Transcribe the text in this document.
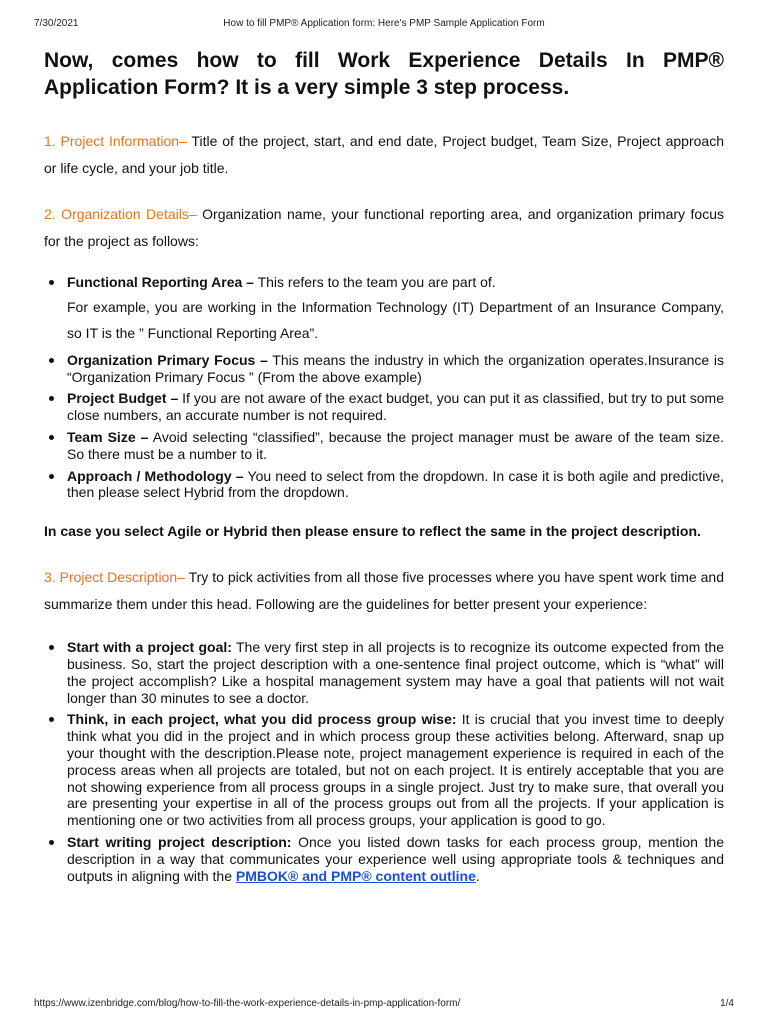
7/30/2021	How to fill PMP® Application form: Here's PMP Sample Application Form
Now, comes how to fill Work Experience Details In PMP® Application Form? It is a very simple 3 step process.

1. Project Information– Title of the project, start, and end date, Project budget, Team Size, Project approach or life cycle, and your job title.

2. Organization Details– Organization name, your functional reporting area, and organization primary focus for the project as follows:

Functional Reporting Area – This refers to the team you are part of.
For example, you are working in the Information Technology (IT) Department of an Insurance Company, so IT is the ” Functional Reporting Area”.
Organization Primary Focus – This means the industry in which the organization operates.Insurance is “Organization Primary Focus ” (From the above example)
Project Budget – If you are not aware of the exact budget, you can put it as classified, but try to put some close numbers, an accurate number is not required.
Team Size – Avoid selecting “classified”, because the project manager must be aware of the team size. So there must be a number to it.
Approach / Methodology – You need to select from the dropdown. In case it is both agile and predictive, then please select Hybrid from the dropdown.

In case you select Agile or Hybrid then please ensure to reflect the same in the project description.

3. Project Description– Try to pick activities from all those five processes where you have spent work time and summarize them under this head. Following are the guidelines for better present your experience:

Start with a project goal: The very first step in all projects is to recognize its outcome expected from the business. So, start the project description with a one-sentence final project outcome, which is “what” will the project accomplish? Like a hospital management system may have a goal that patients will not wait longer than 30 minutes to see a doctor.
Think, in each project, what you did process group wise: It is crucial that you invest time to deeply think what you did in the project and in which process group these activities belong. Afterward, snap up your thought with the description.Please note, project management experience is required in each of the process areas when all projects are totaled, but not on each project. It is entirely acceptable that you are not showing experience from all process groups in a single project. Just try to make sure, that overall you are presenting your expertise in all of the process groups out from all the projects. If your application is mentioning one or two activities from all process groups, your application is good to go.
Start writing project description: Once you listed down tasks for each process group, mention the description in a way that communicates your experience well using appropriate tools & techniques and outputs in aligning with the PMBOK® and PMP® content outline.
https://www.izenbridge.com/blog/how-to-fill-the-work-experience-details-in-pmp-application-form/	1/4
